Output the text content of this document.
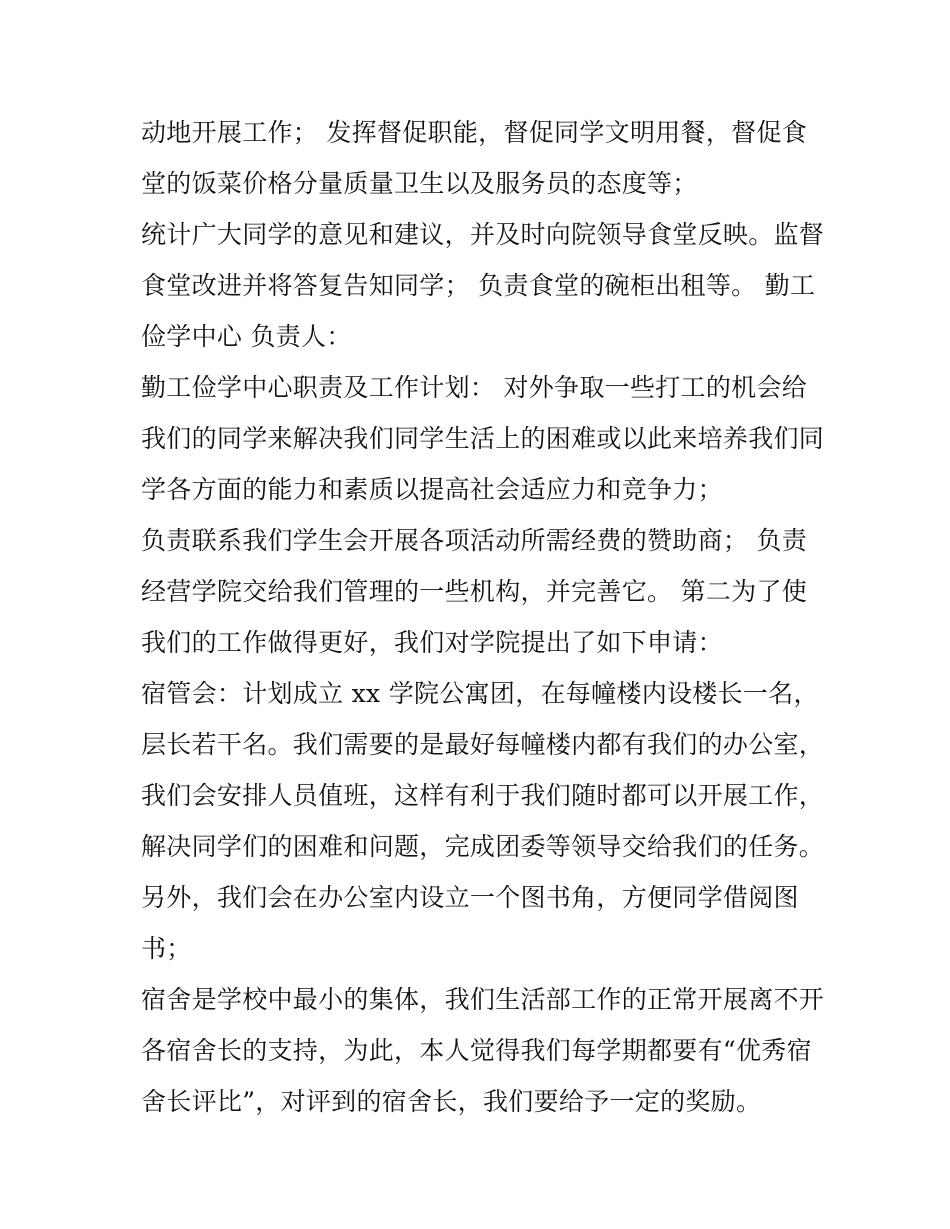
动地开展工作； 发挥督促职能，督促同学文明用餐，督促食
堂的饭菜价格分量质量卫生以及服务员的态度等；
统计广大同学的意见和建议，并及时向院领导食堂反映。监督
食堂改进并将答复告知同学； 负责食堂的碗柜出租等。 勤工
俭学中心 负责人：
勤工俭学中心职责及工作计划： 对外争取一些打工的机会给
我们的同学来解决我们同学生活上的困难或以此来培养我们同
学各方面的能力和素质以提高社会适应力和竞争力；
负责联系我们学生会开展各项活动所需经费的赞助商； 负责
经营学院交给我们管理的一些机构，并完善它。 第二为了使
我们的工作做得更好，我们对学院提出了如下申请：
宿管会：计划成立 xx 学院公寓团，在每幢楼内设楼长一名，
层长若干名。我们需要的是最好每幢楼内都有我们的办公室，
我们会安排人员值班，这样有利于我们随时都可以开展工作，
解决同学们的困难和问题，完成团委等领导交给我们的任务。
另外，我们会在办公室内设立一个图书角，方便同学借阅图
书；
宿舍是学校中最小的集体，我们生活部工作的正常开展离不开
各宿舍长的支持，为此，本人觉得我们每学期都要有“优秀宿
舍长评比”，对评到的宿舍长，我们要给予一定的奖励。
